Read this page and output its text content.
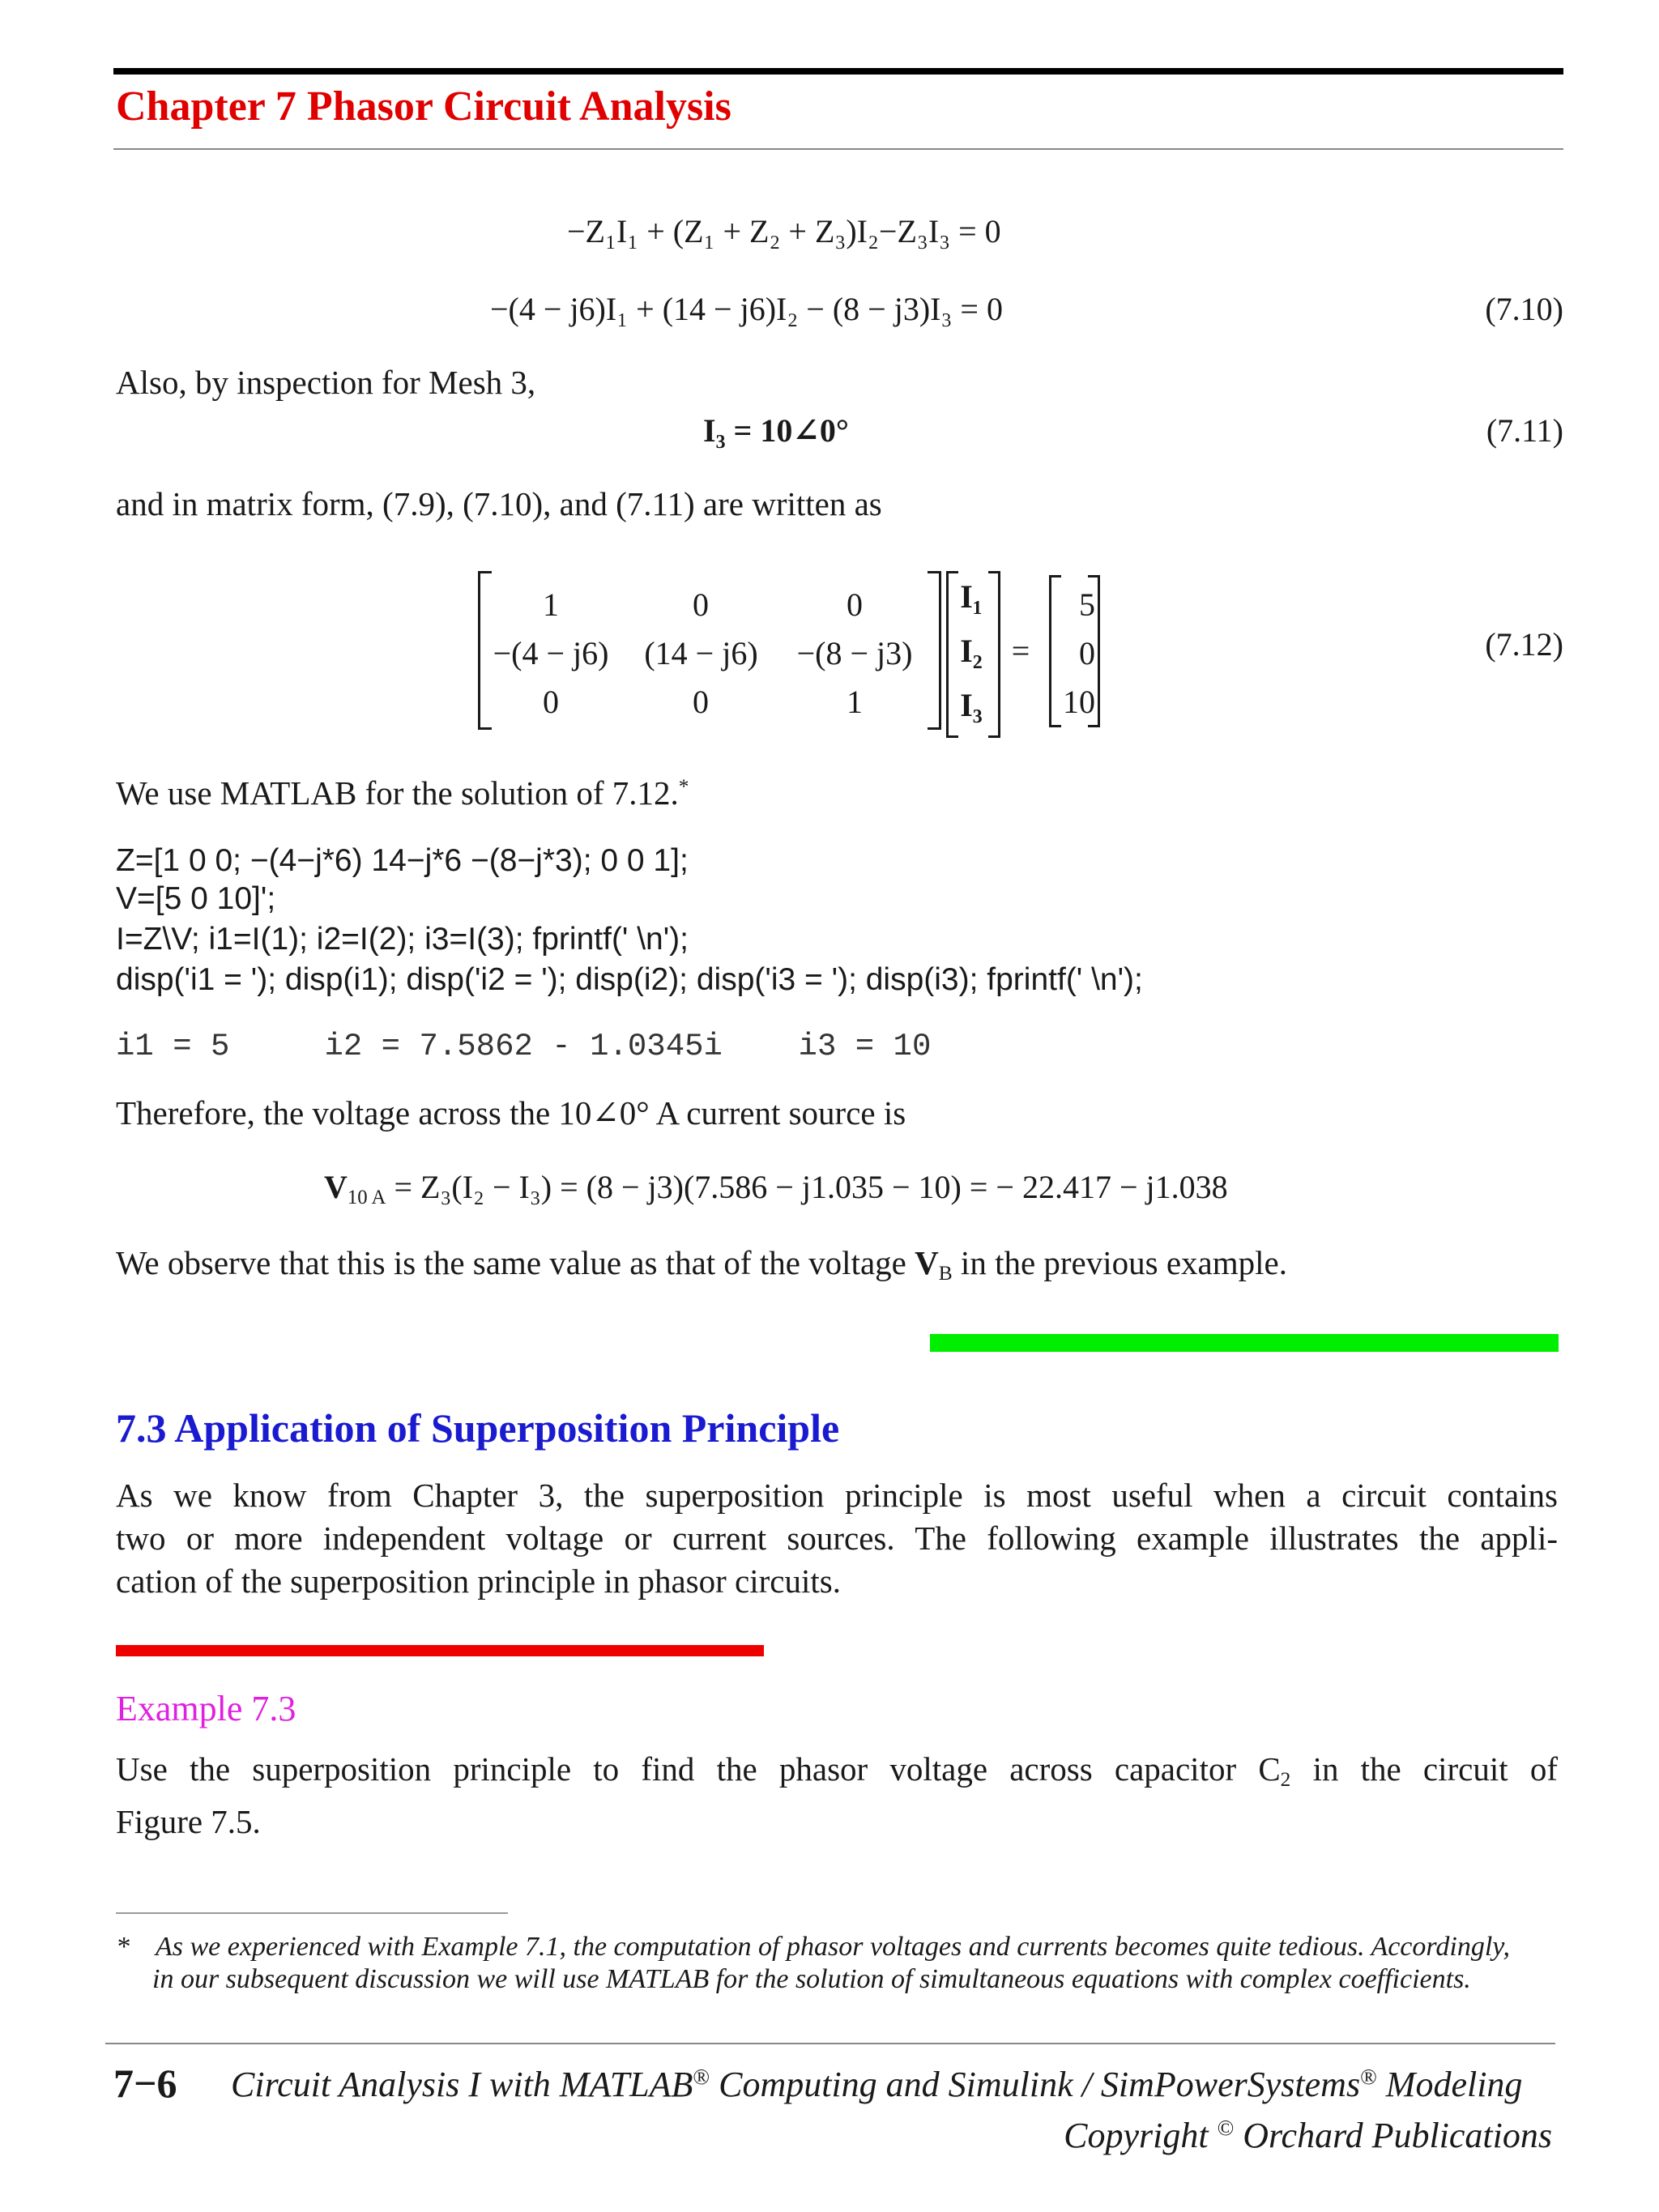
Chapter 7 Phasor Circuit Analysis
−Z₁I₁ + (Z₁ + Z₂ + Z₃)I₂−Z₃I₃ = 0
−(4 − j6)I₁ + (14 − j6)I₂ − (8 − j3)I₃ = 0	(7.10)
Also, by inspection for Mesh 3,
I₃ = 10∠0°	(7.11)
and in matrix form, (7.9), (7.10), and (7.11) are written as
1	0	0
−(4 − j6)	(14 − j6)	−(8 − j3)
0	0	1
I₁
I₂
I₃
=
5
0
10
(7.12)
We use MATLAB for the solution of 7.12.*
Z=[1 0 0; −(4−j*6) 14−j*6 −(8−j*3); 0 0 1];
V=[5 0 10]';
I=Z\V; i1=I(1); i2=I(2); i3=I(3); fprintf(' \n');
disp('i1 = '); disp(i1); disp('i2 = '); disp(i2); disp('i3 = '); disp(i3); fprintf(' \n');
i1 = 5     i2 = 7.5862 - 1.0345i    i3 = 10
Therefore, the voltage across the 10∠0° A current source is
$V_{10 A} = Z_3(I_2 - I_3) = (8 - j3)(7.586 - j1.035 - 10)$ = − 22.417 − j1.038
We observe that this is the same value as that of the voltage $V_B$ in the previous example.
7.3 Application of Superposition Principle
As we know from Chapter 3, the superposition principle is most useful when a circuit contains
two or more independent voltage or current sources. The following example illustrates the appli-
cation of the superposition principle in phasor circuits.
Example 7.3
Use the superposition principle to find the phasor voltage across capacitor $C_2$ in the circuit of
Figure 7.5.
* As we experienced with Example 7.1, the computation of phasor voltages and currents becomes quite tedious. Accordingly,
in our subsequent discussion we will use MATLAB for the solution of simultaneous equations with complex coefficients.
7−6 Circuit Analysis I with MATLAB® Computing and Simulink / SimPowerSystems® Modeling
Copyright © Orchard Publications
